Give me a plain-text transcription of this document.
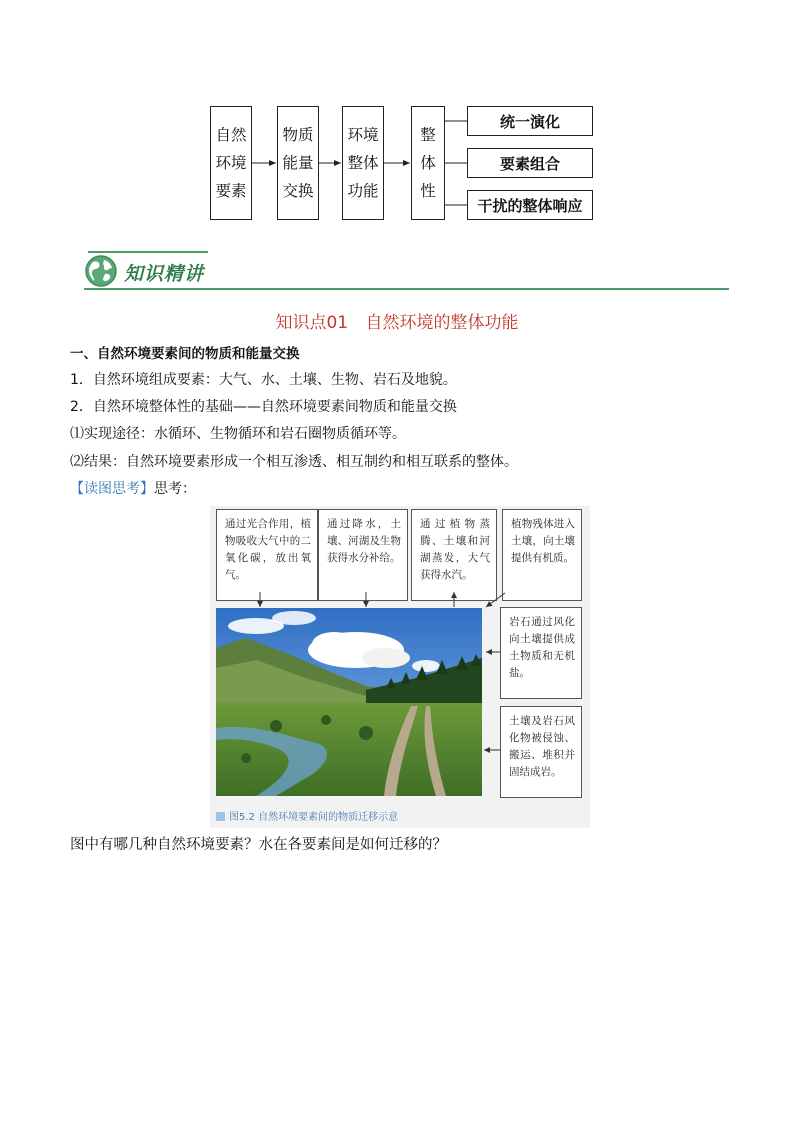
自然
环境
要素
物质
能量
交换
环境
整体
功能
整
体
性
统一演化
要素组合
干扰的整体响应
知识精讲
知识点01 自然环境的整体功能
一、自然环境要素间的物质和能量交换
1．自然环境组成要素：大气、水、土壤、生物、岩石及地貌。
2．自然环境整体性的基础——自然环境要素间物质和能量交换
⑴实现途径：水循环、生物循环和岩石圈物质循环等。
⑵结果：自然环境要素形成一个相互渗透、相互制约和相互联系的整体。
【读图思考】思考：
通过光合作用，植物吸收大气中的二氧化碳，放出氧气。
通过降水，土壤、河湖及生物获得水分补给。
通过植物蒸腾、土壤和河湖蒸发，大气获得水汽。
植物残体进入土壤，向土壤提供有机质。
岩石通过风化向土壤提供成土物质和无机盐。
土壤及岩石风化物被侵蚀、搬运、堆积并固结成岩。
图5.2 自然环境要素间的物质迁移示意
图中有哪几种自然环境要素？水在各要素间是如何迁移的？
